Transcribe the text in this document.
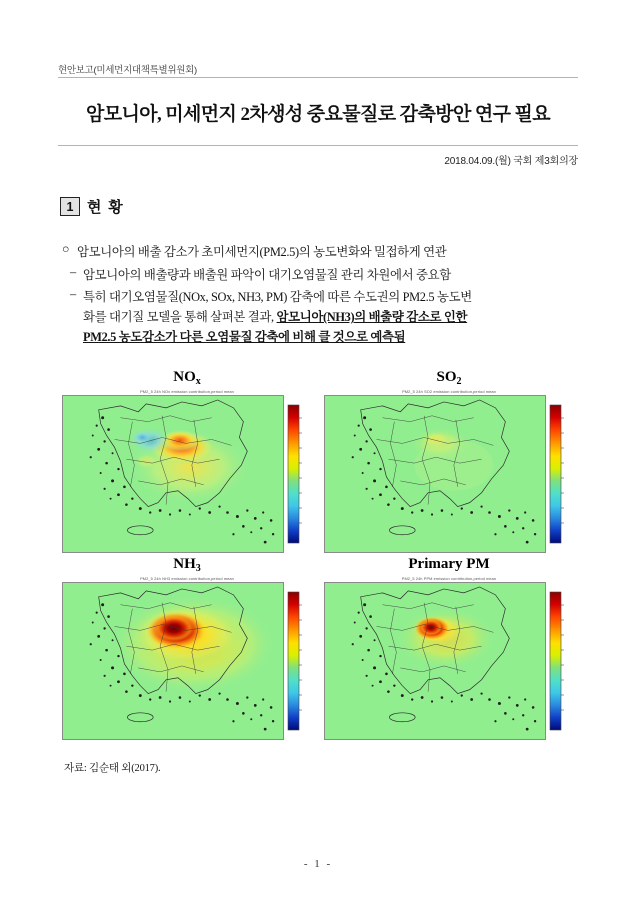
현안보고(미세먼지대책특별위원회)
암모니아, 미세먼지 2차생성 중요물질로 감축방안 연구 필요
2018.04.09.(월) 국회 제3회의장
1 현 황
○ 암모니아의 배출 감소가 초미세먼지(PM2.5)의 농도변화와 밀접하게 연관
– 암모니아의 배출량과 배출원 파악이 대기오염물질 관리 차원에서 중요함
– 특히 대기오염물질(NOx, SOx, NH3, PM) 감축에 따른 수도권의 PM2.5 농도변
화를 대기질 모델을 통해 살펴본 결과, 암모니아(NH3)의 배출량 감소로 인한
PM2.5 농도감소가 다른 오염물질 감축에 비해 클 것으로 예측됨
$NO_x$
PM2_5 24h NOx emission contribution,period mean
$SO_2$
PM2_5 24h SO2 emission contribution,period mean
$NH_3$
PM2_5 24h NH3 emission contribution,period mean
Primary PM
PM2_5 24h PPM emission contribution,period mean
자료: 김순태 외(2017).
- 1 -
